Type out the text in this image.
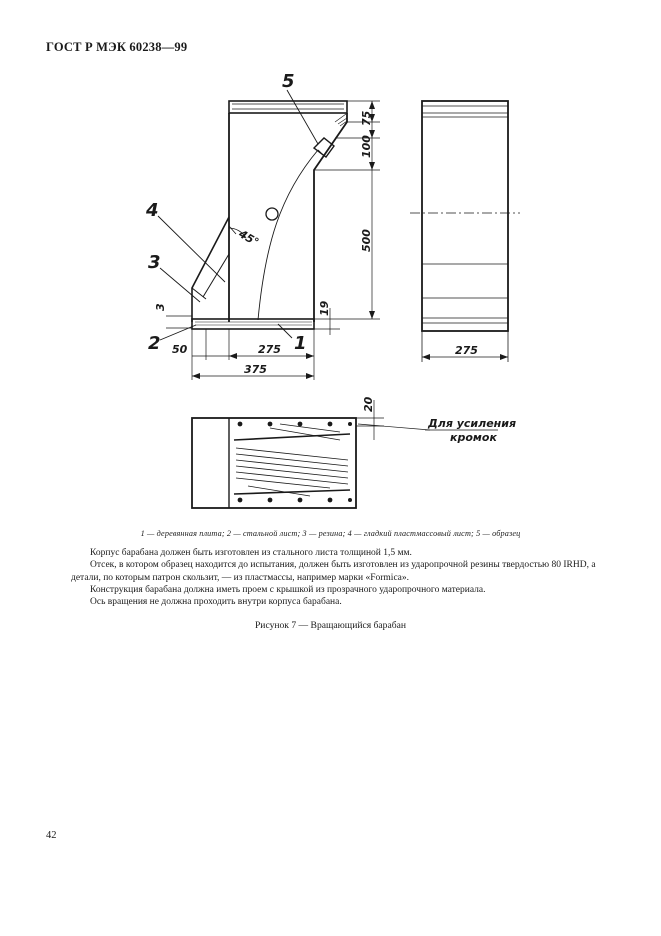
ГОСТ Р МЭК 60238—99
5
4
3
2	1
75
100
500
19
3
50	275
375
275
20
45°
Для усиления
кромок
1 — деревянная плита; 2 — стальной лист; 3 — резина; 4 — гладкий пластмассовый лист; 5 — образец

Корпус барабана должен быть изготовлен из стального листа толщиной 1,5 мм.

Отсек, в котором образец находится до испытания, должен быть изготовлен из ударопрочной резины твердостью 80 IRHD, а детали, по которым патрон скользит, — из пластмассы, например марки «Formica».

Конструкция барабана должна иметь проем с крышкой из прозрачного ударопрочного материала.

Ось вращения не должна проходить внутри корпуса барабана.

Рисунок 7 — Вращающийся барабан
42
